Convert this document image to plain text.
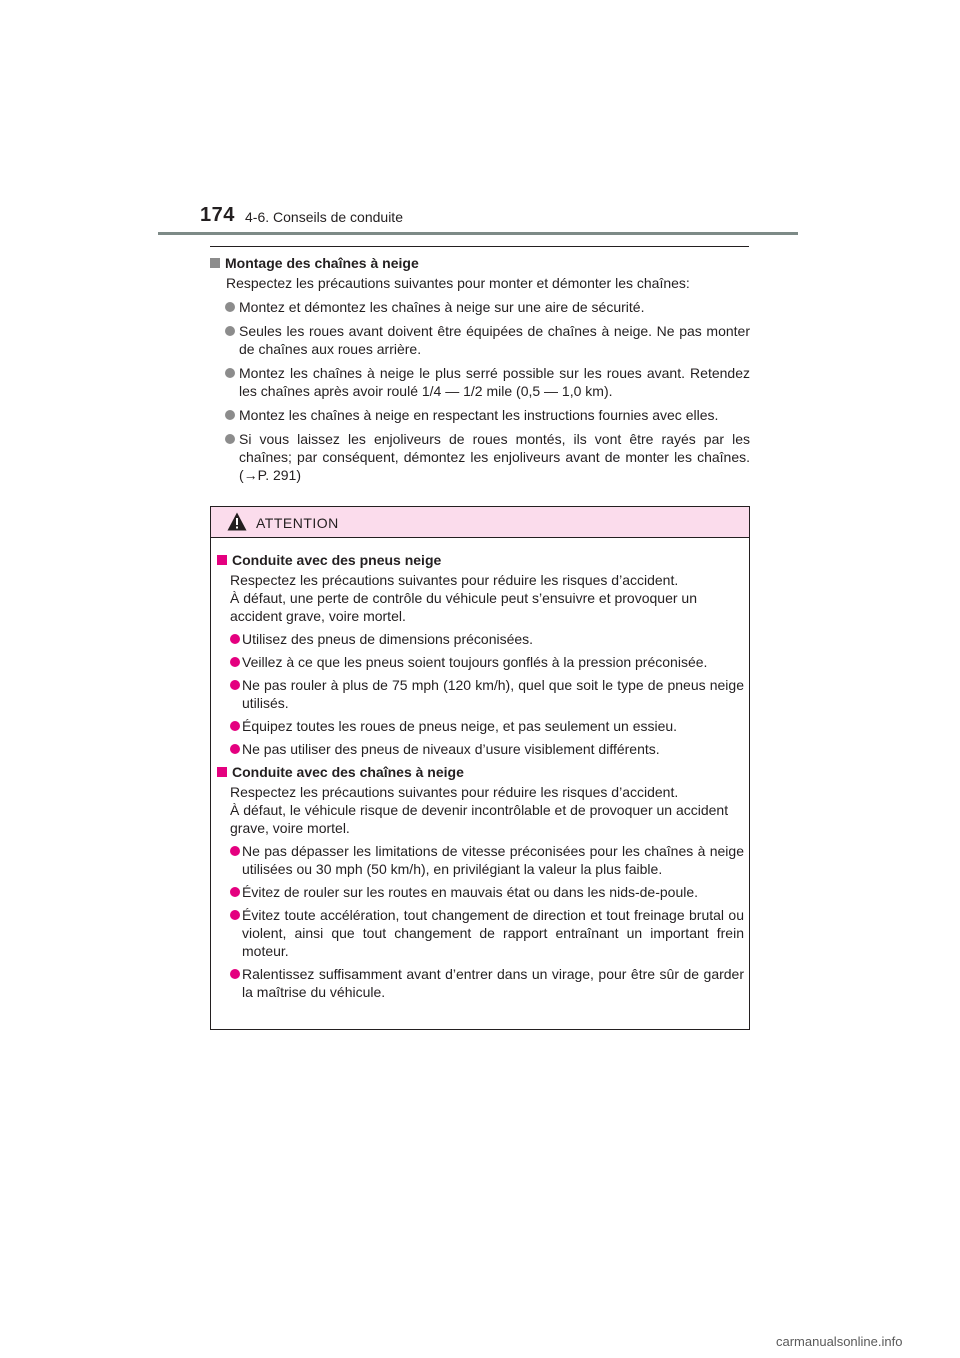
174 4-6. Conseils de conduite

Montage des chaînes à neige

Respectez les précautions suivantes pour monter et démonter les chaînes:

Montez et démontez les chaînes à neige sur une aire de sécurité.
Seules les roues avant doivent être équipées de chaînes à neige. Ne pas monter de chaînes aux roues arrière.
Montez les chaînes à neige le plus serré possible sur les roues avant. Retendez les chaînes après avoir roulé 1/4 — 1/2 mile (0,5 — 1,0 km).
Montez les chaînes à neige en respectant les instructions fournies avec elles.
Si vous laissez les enjoliveurs de roues montés, ils vont être rayés par les chaînes; par conséquent, démontez les enjoliveurs avant de monter les chaînes. (→P. 291)
ATTENTION

Conduite avec des pneus neige

Respectez les précautions suivantes pour réduire les risques d’accident.
À défaut, une perte de contrôle du véhicule peut s’ensuivre et provoquer un accident grave, voire mortel.

Utilisez des pneus de dimensions préconisées.
Veillez à ce que les pneus soient toujours gonflés à la pression préconisée.
Ne pas rouler à plus de 75 mph (120 km/h), quel que soit le type de pneus neige utilisés.
Équipez toutes les roues de pneus neige, et pas seulement un essieu.
Ne pas utiliser des pneus de niveaux d’usure visiblement différents.

Conduite avec des chaînes à neige

Respectez les précautions suivantes pour réduire les risques d’accident.
À défaut, le véhicule risque de devenir incontrôlable et de provoquer un accident grave, voire mortel.

Ne pas dépasser les limitations de vitesse préconisées pour les chaînes à neige utilisées ou 30 mph (50 km/h), en privilégiant la valeur la plus faible.
Évitez de rouler sur les routes en mauvais état ou dans les nids-de-poule.
Évitez toute accélération, tout changement de direction et tout freinage brutal ou violent, ainsi que tout changement de rapport entraînant un important frein moteur.
Ralentissez suffisamment avant d’entrer dans un virage, pour être sûr de garder la maîtrise du véhicule.
carmanualsonline.info
